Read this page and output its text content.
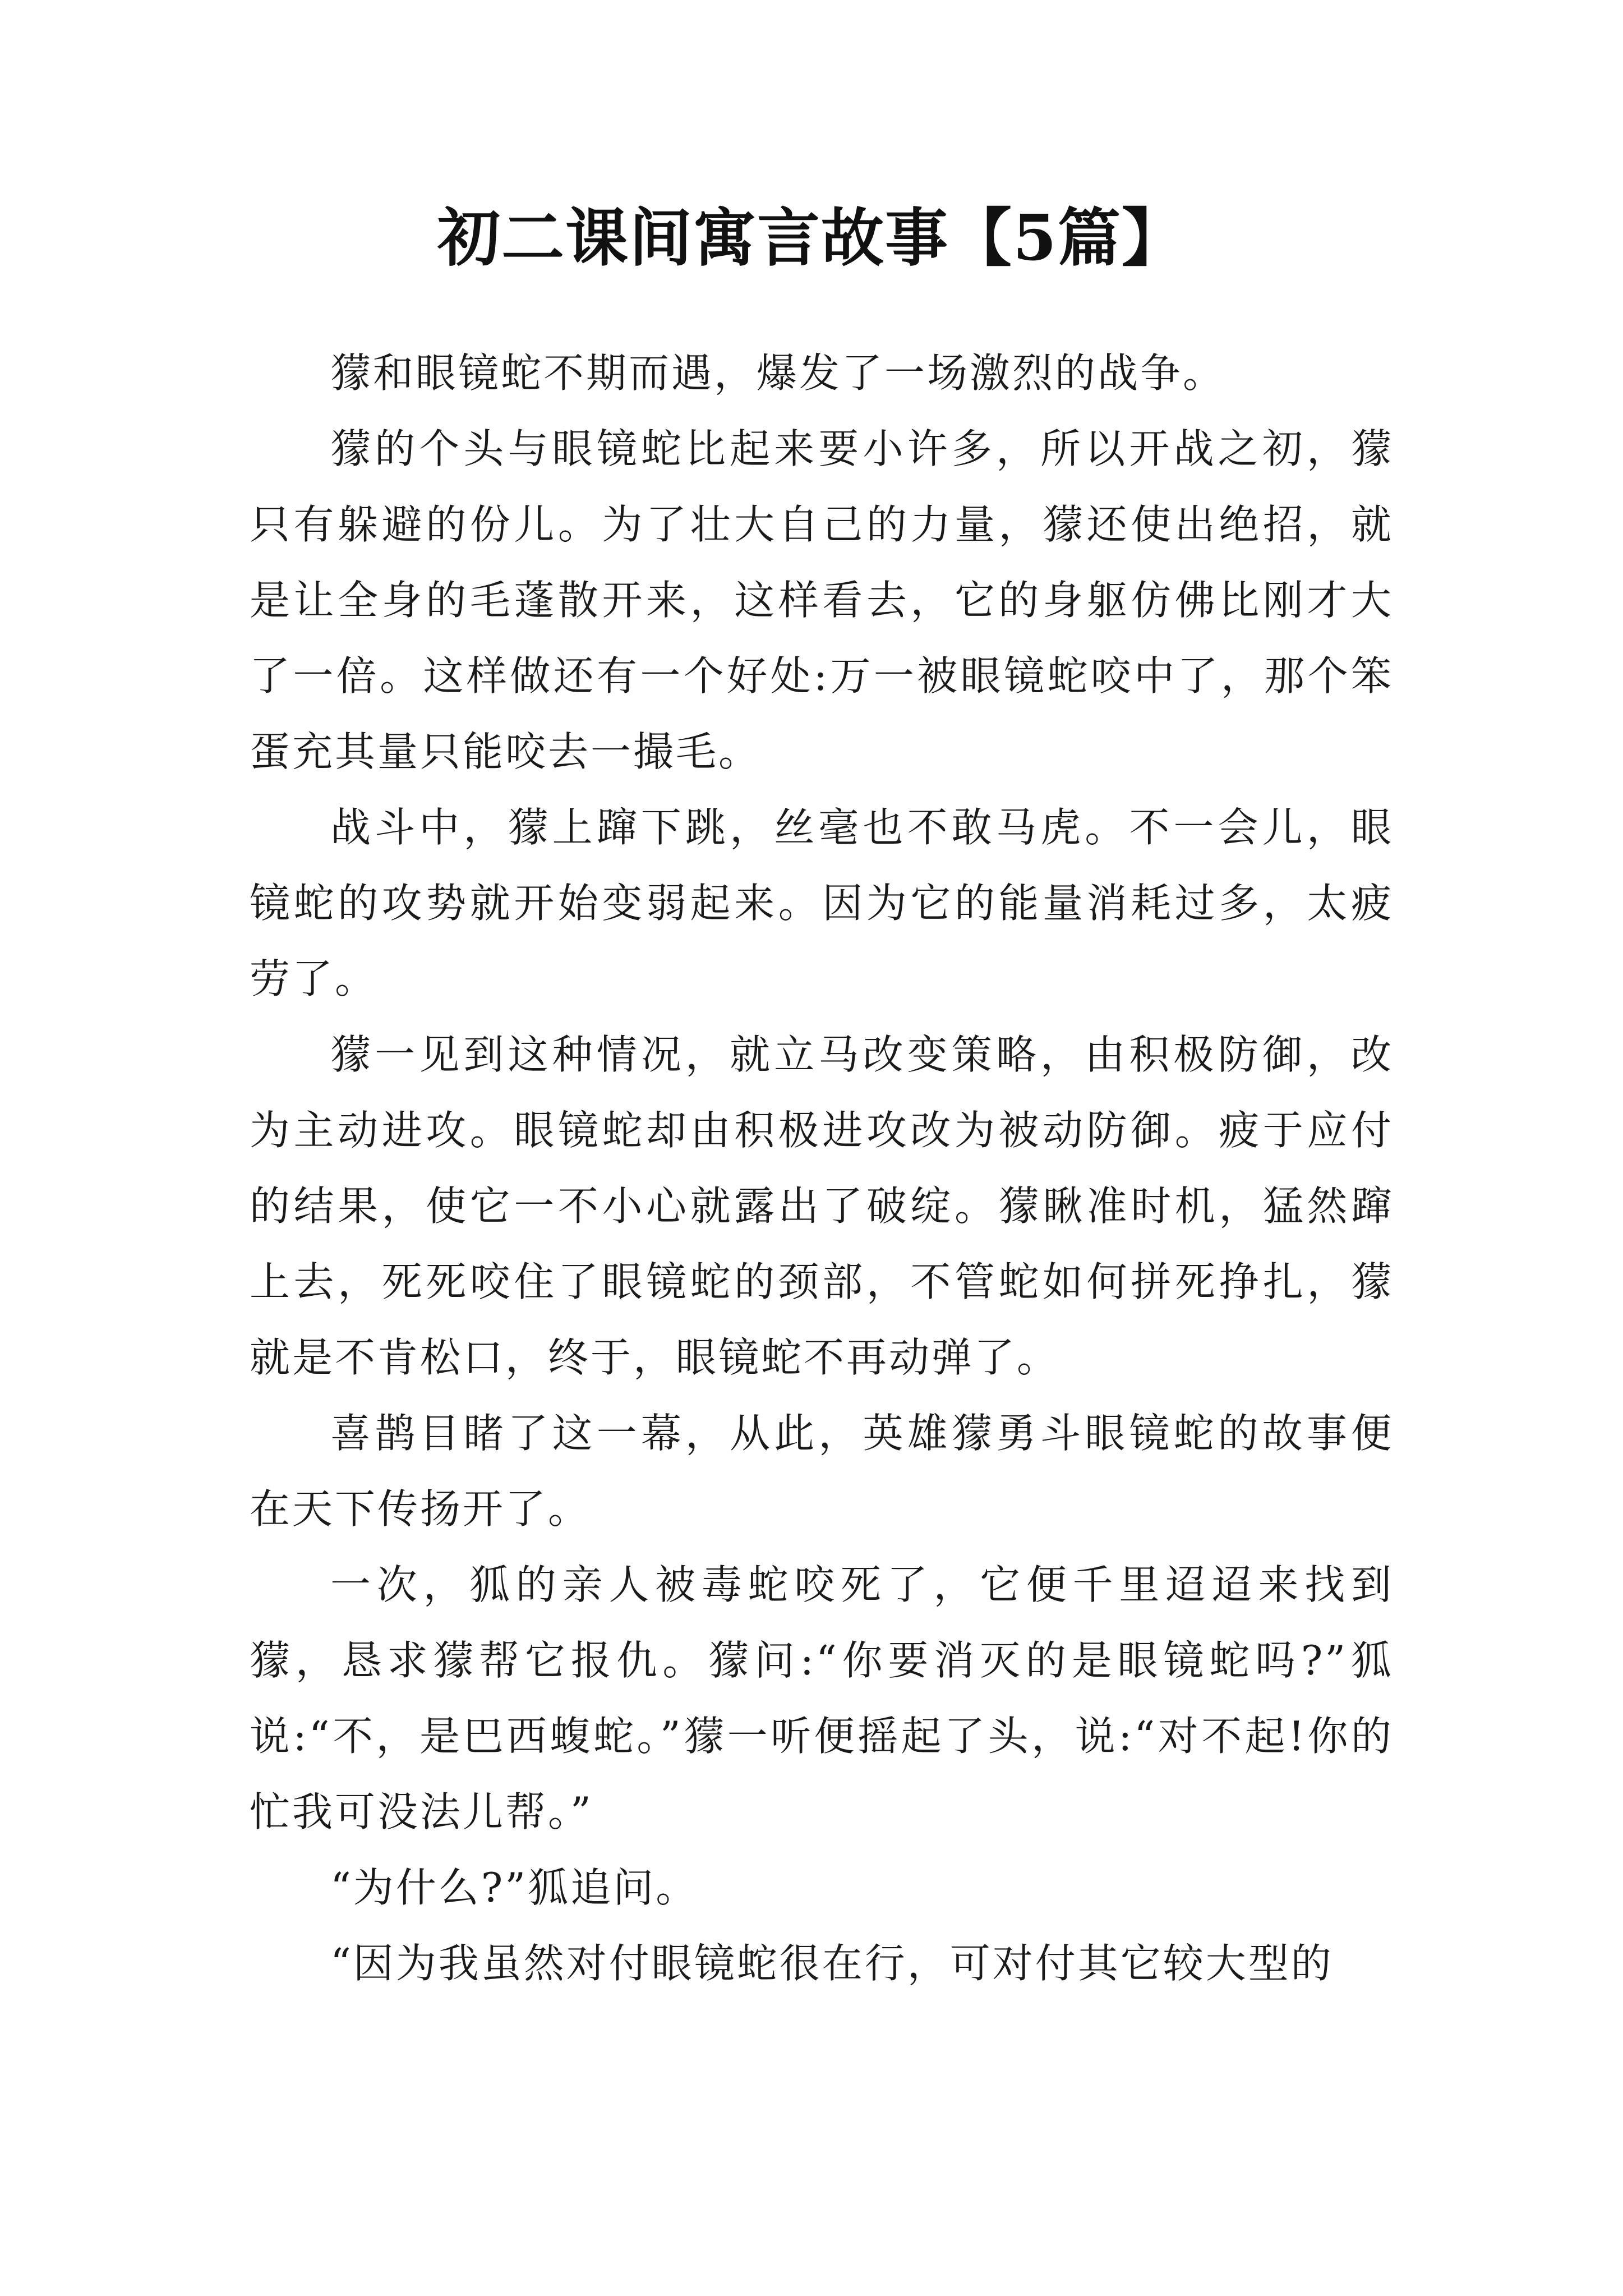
初二课间寓言故事【5篇】

獴和眼镜蛇不期而遇，爆发了一场激烈的战争。

獴的个头与眼镜蛇比起来要小许多，所以开战之初，獴只有躲避的份儿。为了壮大自己的力量，獴还使出绝招，就是让全身的毛蓬散开来，这样看去，它的身躯仿佛比刚才大了一倍。这样做还有一个好处:万一被眼镜蛇咬中了，那个笨蛋充其量只能咬去一撮毛。

战斗中，獴上蹿下跳，丝毫也不敢马虎。不一会儿，眼镜蛇的攻势就开始变弱起来。因为它的能量消耗过多，太疲劳了。

獴一见到这种情况，就立马改变策略，由积极防御，改为主动进攻。眼镜蛇却由积极进攻改为被动防御。疲于应付的结果，使它一不小心就露出了破绽。獴瞅准时机，猛然蹿上去，死死咬住了眼镜蛇的颈部，不管蛇如何拼死挣扎，獴就是不肯松口，终于，眼镜蛇不再动弹了。

喜鹊目睹了这一幕，从此，英雄獴勇斗眼镜蛇的故事便在天下传扬开了。

一次，狐的亲人被毒蛇咬死了，它便千里迢迢来找到獴，恳求獴帮它报仇。獴问:“你要消灭的是眼镜蛇吗?”狐说:“不，是巴西蝮蛇。”獴一听便摇起了头，说:“对不起!你的忙我可没法儿帮。”

“为什么?”狐追问。

“因为我虽然对付眼镜蛇很在行，可对付其它较大型的
